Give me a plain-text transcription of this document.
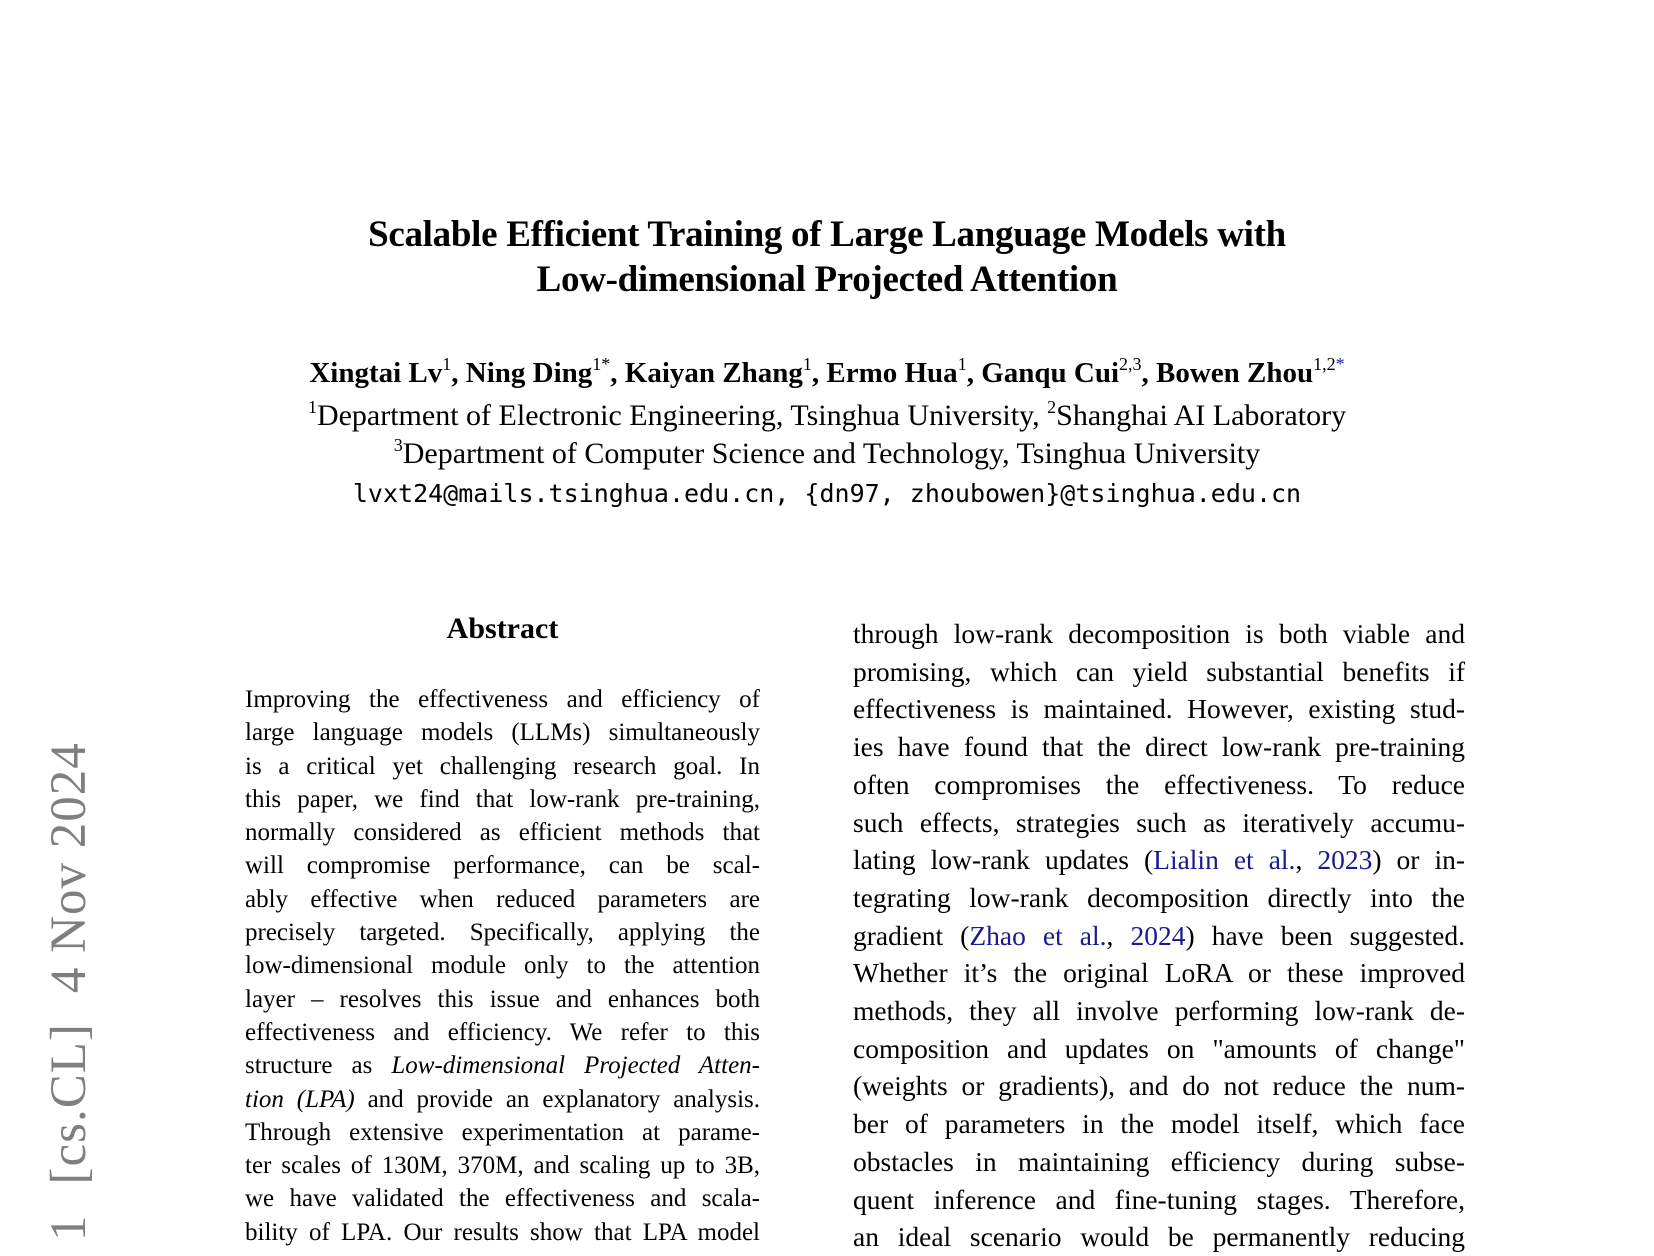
1[cs.CL]4 Nov 2024
Scalable Efficient Training of Large Language Models with
Low-dimensional Projected Attention
Xingtai Lv$^1$, Ning Ding$^{1*}$, Kaiyan Zhang$^1$, Ermo Hua$^1$, Ganqu Cui$^{2,3}$, Bowen Zhou$^{1,2*}$
$^1$Department of Electronic Engineering, Tsinghua University, $^2$Shanghai AI Laboratory
$^3$Department of Computer Science and Technology, Tsinghua University
lvxt24@mails.tsinghua.edu.cn, {dn97, zhoubowen}@tsinghua.edu.cn
Abstract
Improving the effectiveness and efficiency of
large language models (LLMs) simultaneously
is a critical yet challenging research goal. In
this paper, we find that low-rank pre-training,
normally considered as efficient methods that
will compromise performance, can be scal-
ably effective when reduced parameters are
precisely targeted. Specifically, applying the
low-dimensional module only to the attention
layer – resolves this issue and enhances both
effectiveness and efficiency. We refer to this
structure as Low-dimensional Projected Atten-
tion (LPA) and provide an explanatory analysis.
Through extensive experimentation at parame-
ter scales of 130M, 370M, and scaling up to 3B,
we have validated the effectiveness and scala-
bility of LPA. Our results show that LPA model
through low-rank decomposition is both viable and
promising, which can yield substantial benefits if
effectiveness is maintained. However, existing stud-
ies have found that the direct low-rank pre-training
often compromises the effectiveness. To reduce
such effects, strategies such as iteratively accumu-
lating low-rank updates (Lialin et al., 2023) or in-
tegrating low-rank decomposition directly into the
gradient (Zhao et al., 2024) have been suggested.
Whether it’s the original LoRA or these improved
methods, they all involve performing low-rank de-
composition and updates on "amounts of change"
(weights or gradients), and do not reduce the num-
ber of parameters in the model itself, which face
obstacles in maintaining efficiency during subse-
quent inference and fine-tuning stages. Therefore,
an ideal scenario would be permanently reducing
